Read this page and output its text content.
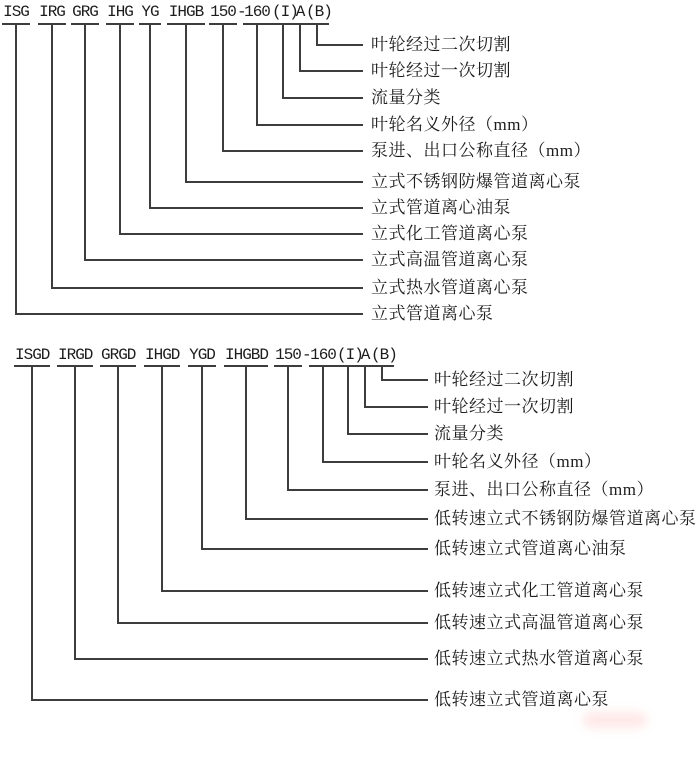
ISG IRG GRG IHG YG IHGB 150 -
160 (I)
A (B)
叶轮经过二次切割
叶轮经过一次切割
流量分类
叶轮名义外径（mm）
泵进、出口公称直径（mm）
立式不锈钢防爆管道离心泵
立式管道离心油泵
立式化工管道离心泵
立式高温管道离心泵
立式热水管道离心泵
立式管道离心泵
ISGD IRGD GRGD IHGD YGD IHGBD 150 - 160 (I)
A (B)
叶轮经过二次切割
叶轮经过一次切割
流量分类
叶轮名义外径（mm）
泵进、出口公称直径（mm）
低转速立式不锈钢防爆管道离心泵
低转速立式管道离心油泵
低转速立式化工管道离心泵
低转速立式高温管道离心泵
低转速立式热水管道离心泵
低转速立式管道离心泵
